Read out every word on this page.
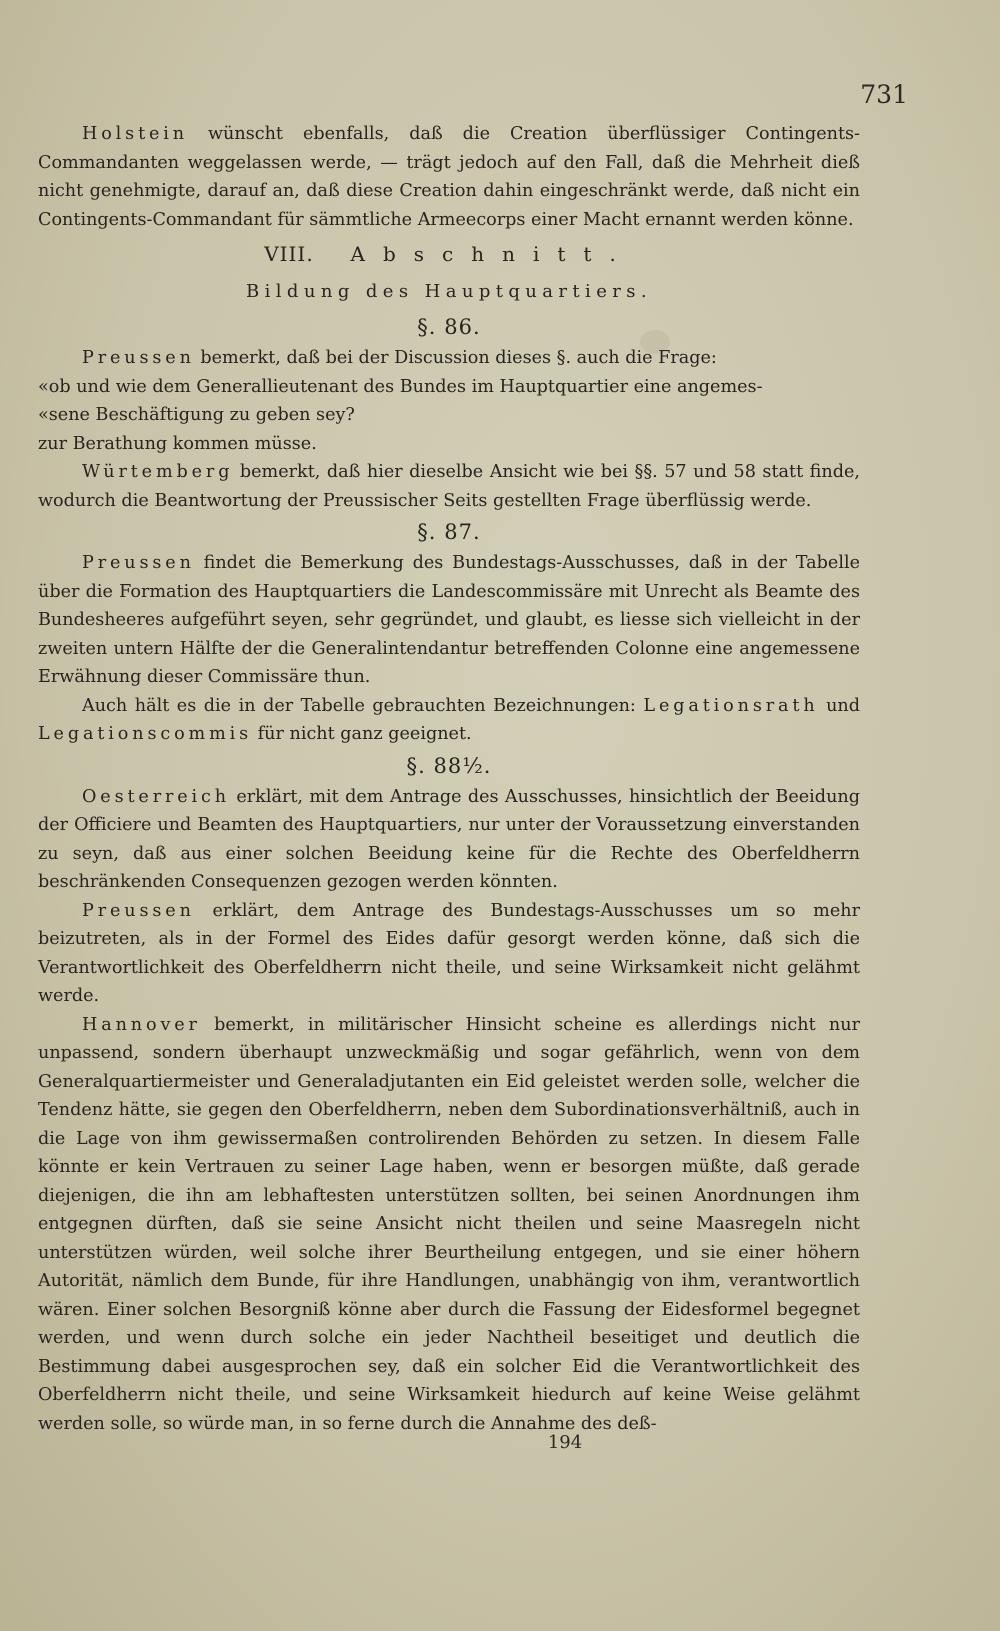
731

Holstein wünscht ebenfalls, daß die Creation überflüssiger Contingents-Commandanten weggelassen werde, — trägt jedoch auf den Fall, daß die Mehrheit dieß nicht genehmigte, darauf an, daß diese Creation dahin eingeschränkt werde, daß nicht ein Contingents-Commandant für sämmtliche Armeecorps einer Macht ernannt werden könne.

VIII. Abschnitt.

Bildung des Hauptquartiers.

§. 86.

Preussen bemerkt, daß bei der Discussion dieses §. auch die Frage:

«ob und wie dem Generallieutenant des Bundes im Hauptquartier eine angemes-

«sene Beschäftigung zu geben sey?

zur Berathung kommen müsse.

Würtemberg bemerkt, daß hier dieselbe Ansicht wie bei §§. 57 und 58 statt finde, wodurch die Beantwortung der Preussischer Seits gestellten Frage überflüssig werde.

§. 87.

Preussen findet die Bemerkung des Bundestags-Ausschusses, daß in der Tabelle über die Formation des Hauptquartiers die Landescommissäre mit Unrecht als Beamte des Bundesheeres aufgeführt seyen, sehr gegründet, und glaubt, es liesse sich vielleicht in der zweiten untern Hälfte der die Generalintendantur betreffenden Colonne eine angemessene Erwähnung dieser Commissäre thun.

Auch hält es die in der Tabelle gebrauchten Bezeichnungen: Legationsrath und Legationscommis für nicht ganz geeignet.

§. 88½.

Oesterreich erklärt, mit dem Antrage des Ausschusses, hinsichtlich der Beeidung der Officiere und Beamten des Hauptquartiers, nur unter der Voraussetzung einverstanden zu seyn, daß aus einer solchen Beeidung keine für die Rechte des Oberfeldherrn beschränkenden Consequenzen gezogen werden könnten.

Preussen erklärt, dem Antrage des Bundestags-Ausschusses um so mehr beizutreten, als in der Formel des Eides dafür gesorgt werden könne, daß sich die Verantwortlichkeit des Oberfeldherrn nicht theile, und seine Wirksamkeit nicht gelähmt werde.

Hannover bemerkt, in militärischer Hinsicht scheine es allerdings nicht nur unpassend, sondern überhaupt unzweckmäßig und sogar gefährlich, wenn von dem Generalquartiermeister und Generaladjutanten ein Eid geleistet werden solle, welcher die Tendenz hätte, sie gegen den Oberfeldherrn, neben dem Subordinationsverhältniß, auch in die Lage von ihm gewissermaßen controlirenden Behörden zu setzen. In diesem Falle könnte er kein Vertrauen zu seiner Lage haben, wenn er besorgen müßte, daß gerade diejenigen, die ihn am lebhaftesten unterstützen sollten, bei seinen Anordnungen ihm entgegnen dürften, daß sie seine Ansicht nicht theilen und seine Maasregeln nicht unterstützen würden, weil solche ihrer Beurtheilung entgegen, und sie einer höhern Autorität, nämlich dem Bunde, für ihre Handlungen, unabhängig von ihm, verantwortlich wären. Einer solchen Besorgniß könne aber durch die Fassung der Eidesformel begegnet werden, und wenn durch solche ein jeder Nachtheil beseitiget und deutlich die Bestimmung dabei ausgesprochen sey, daß ein solcher Eid die Verantwortlichkeit des Oberfeldherrn nicht theile, und seine Wirksamkeit hiedurch auf keine Weise gelähmt werden solle, so würde man, in so ferne durch die Annahme des deß-

194
